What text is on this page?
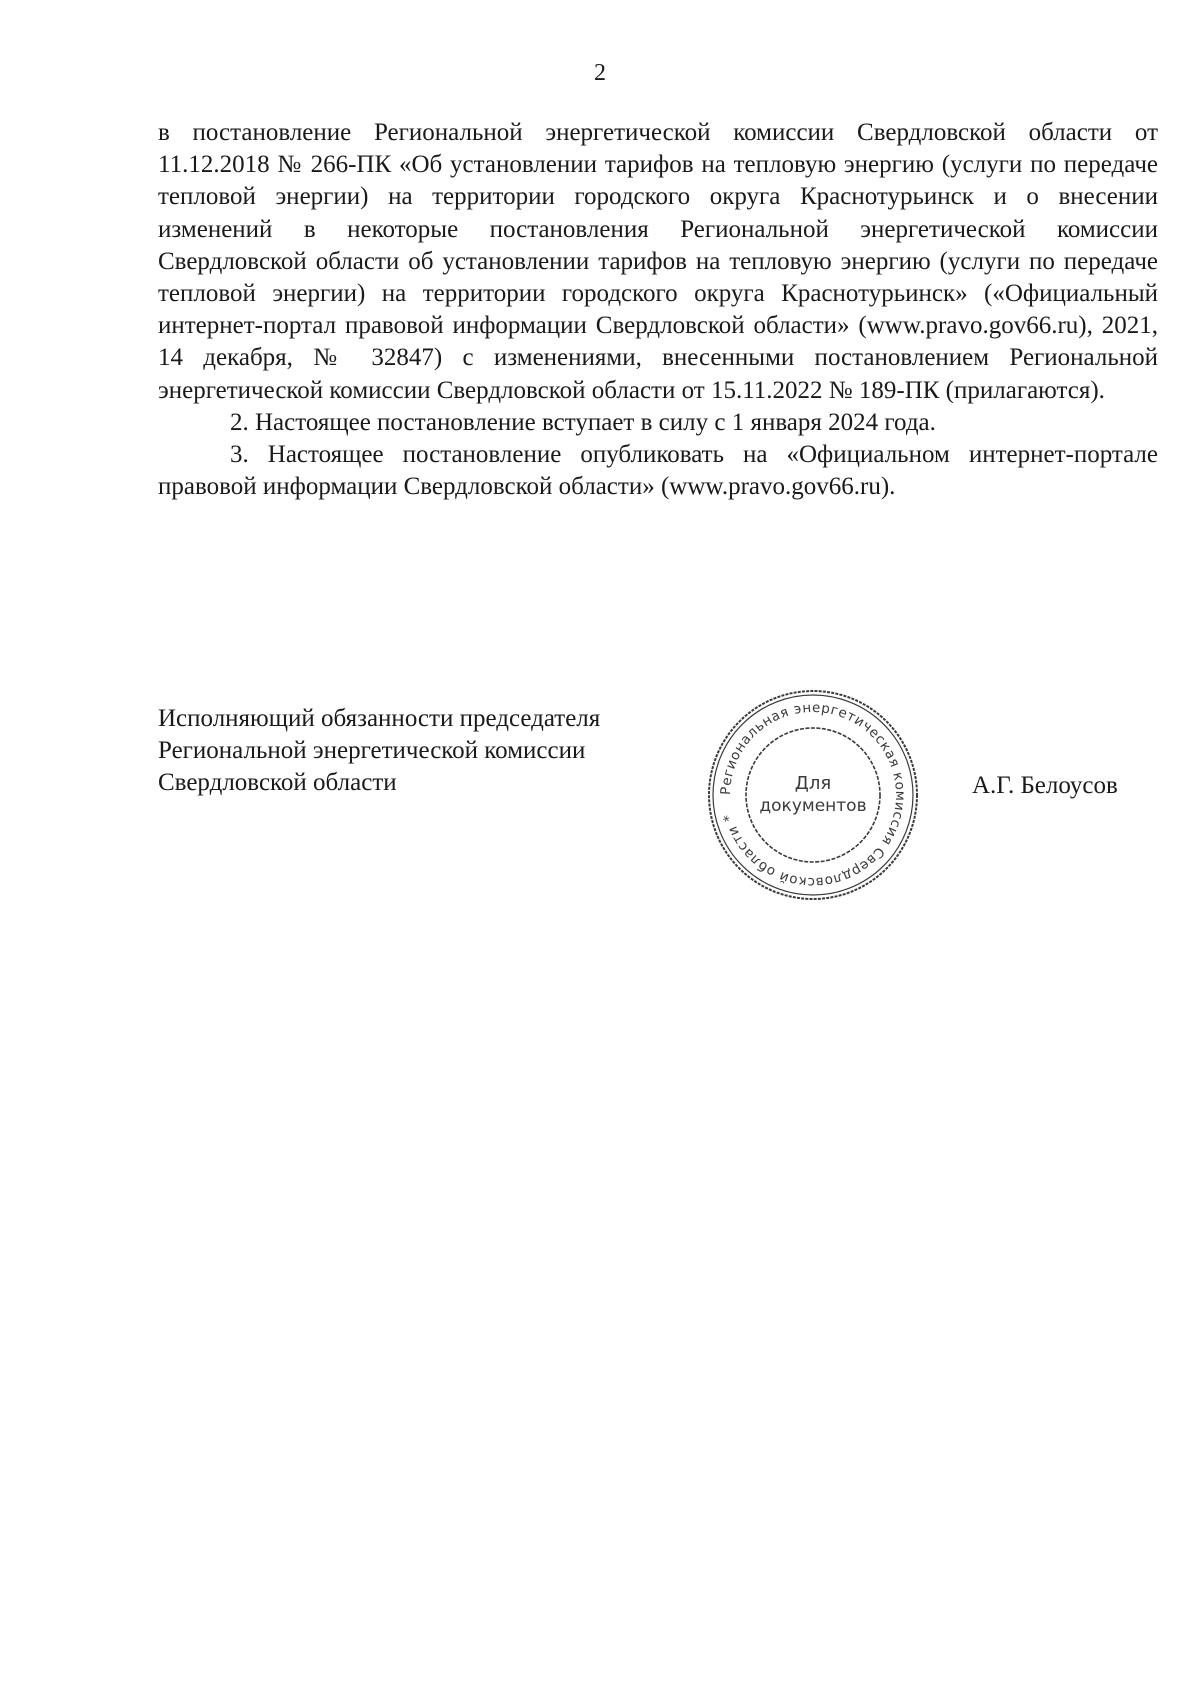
2

в постановление Региональной энергетической комиссии Свердловской области от 11.12.2018 № 266-ПК «Об установлении тарифов на тепловую энергию (услуги по передаче тепловой энергии) на территории городского округа Краснотурьинск и о внесении изменений в некоторые постановления Региональной энергетической комиссии Свердловской области об установлении тарифов на тепловую энергию (услуги по передаче тепловой энергии) на территории городского округа Краснотурьинск» («Официальный интернет-портал правовой информации Свердловской области» (www.pravo.gov66.ru), 2021, 14 декабря, № 32847) с изменениями, внесенными постановлением Региональной энергетической комиссии Свердловской области от 15.11.2022 № 189-ПК (прилагаются).

2. Настоящее постановление вступает в силу с 1 января 2024 года.

3. Настоящее постановление опубликовать на «Официальном интернет-портале правовой информации Свердловской области» (www.pravo.gov66.ru).

Исполняющий обязанности председателя
Региональной энергетической комиссии
Свердловской области	Региональная энергетическая комиссия Свердловской области *
Для
документов
А.Г. Белоусов
